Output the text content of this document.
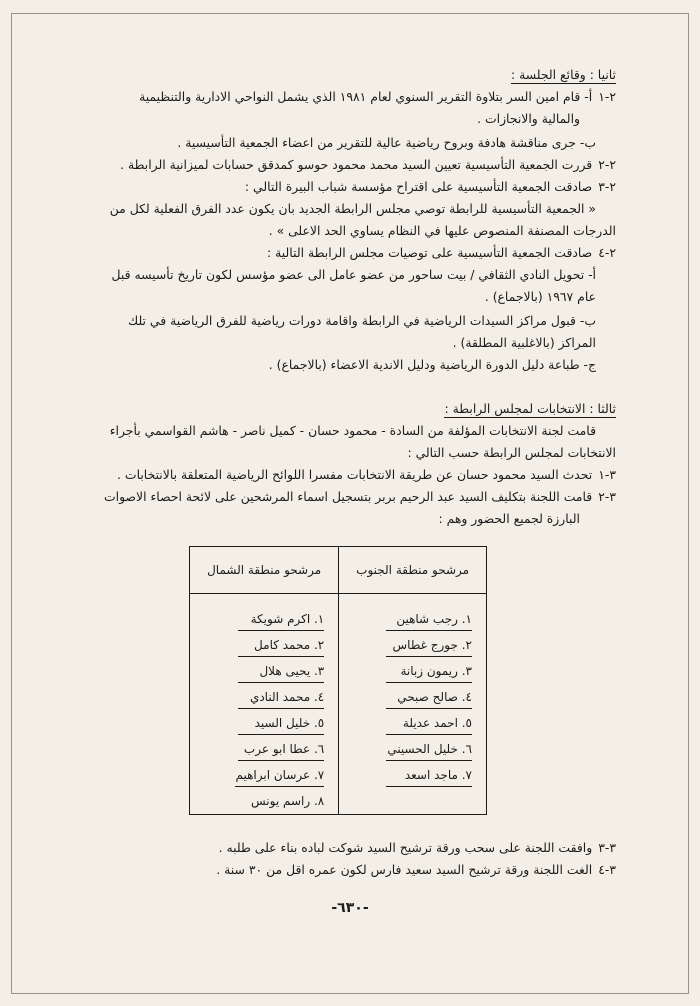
ثانيا : وقائع الجلسة :

٢-١أ- قام امين السر بتلاوة التقرير السنوي لعام ١٩٨١ الذي يشمل النواحي الادارية والتنظيمية

والمالية والانجازات .

ب- جرى مناقشة هادفة وبروح رياضية عالية للتقرير من اعضاء الجمعية التأسيسية .

٢-٢قررت الجمعية التأسيسية تعيين السيد محمد محمود حوسو كمدقق حسابات لميزانية الرابطة .

٢-٣صادقت الجمعية التأسيسية على اقتراح مؤسسة شباب البيرة التالي :

« الجمعية التأسيسية للرابطة توصي مجلس الرابطة الجديد بان يكون عدد الفرق الفعلية لكل من

الدرجات المصنفة المنصوص عليها في النظام يساوي الحد الاعلى » .

٢-٤صادقت الجمعية التأسيسية على توصيات مجلس الرابطة التالية :

أ- تحويل النادي الثقافي / بيت ساحور من عضو عامل الى عضو مؤسس لكون تاريخ تأسيسه قبل

عام ١٩٦٧ (بالاجماع) .

ب- قبول مراكز السيدات الرياضية في الرابطة واقامة دورات رياضية للفرق الرياضية في تلك

المراكز (بالاغلبية المطلقة) .

ج- طباعة دليل الدورة الرياضية ودليل الاندية الاعضاء (بالاجماع) .

ثالثا : الانتخابات لمجلس الرابطة :

قامت لجنة الانتخابات المؤلفة من السادة - محمود حسان - كميل ناصر - هاشم القواسمي بأجراء

الانتخابات لمجلس الرابطة حسب التالي :

٣-١تحدث السيد محمود حسان عن طريقة الانتخابات مفسرا اللوائح الرياضية المتعلقة بالانتخابات .

٣-٢قامت اللجنة بتكليف السيد عبد الرحيم بربر بتسجيل اسماء المرشحين على لائحة احصاء الاصوات

البارزة لجميع الحضور وهم :

مرشحو منطقة الجنوب	مرشحو منطقة الشمال
١. رجب شاهين	١. اكرم شويكة
٢. جورج غطاس	٢. محمد كامل
٣. ريمون زبانة	٣. يحيى هلال
٤. صالح صبحي	٤. محمد النادي
٥. احمد عديلة	٥. خليل السيد
٦. خليل الحسيني	٦. عطا ابو عرب
٧. ماجد اسعد	٧. عرسان ابراهيم
	٨. راسم يونس

٣-٣وافقت اللجنة على سحب ورقة ترشيح السيد شوكت لباده بناء على طلبه .

٣-٤الغت اللجنة ورقة ترشيح السيد سعيد فارس لكون عمره اقل من ٣٠ سنة .

-٦٣٠-
